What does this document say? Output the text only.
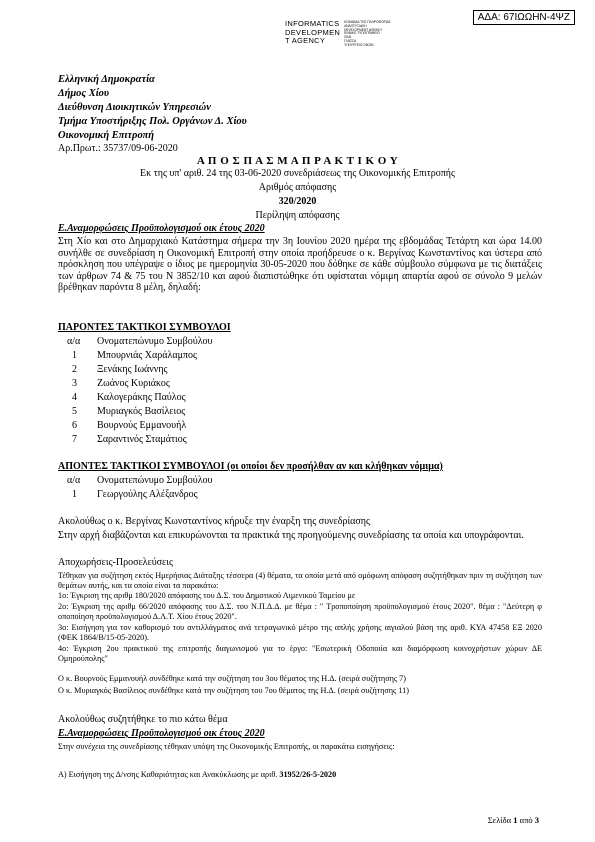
ΑΔΑ: 67ΙΩΩΗΝ-4ΨΖ
INFORMATICS
DEVELOPMEN
T AGENCY
ΚΟΙΝΩΝΙΑ ΤΗΣ ΠΛΗΡΟΦΟΡΙΑΣ
ΑΝΑΠΤΥΞΙΑΚΗ
DEVELOPMENT AGENCY
ΕΘΝΙΚΟ ΤΥΠΟΓΡΑΦΕΙΟ
ΣΚΑΙ
ΓΛΩΣΣΑ
ΥΠΟΥΡΓΕΙΟ ΟΙΚΟΝ.
Ελληνική Δημοκρατία
Δήμος Χίου
Διεύθυνση Διοικητικών Υπηρεσιών
Τμήμα Υποστήριξης Πολ. Οργάνων Δ. Χίου
Οικονομική Επιτροπή
Αρ.Πρωτ.: 35737/09-06-2020
Α Π Ο Σ Π Α Σ Μ Α Π Ρ Α Κ Τ Ι Κ Ο Υ
Εκ της υπ' αριθ. 24 της 03-06-2020 συνεδριάσεως της Οικονομικής Επιτροπής
Αριθμός απόφασης
320/2020
Περίληψη απόφασης
Ε.Αναμορφώσεις Προϋπολογισμού οικ έτους 2020
Στη Χίο και στο Δημαρχιακό Κατάστημα σήμερα την 3η Ιουνίου 2020 ημέρα της εβδομάδας Τετάρτη και ώρα 14.00 συνήλθε σε συνεδρίαση η Οικονομική Επιτροπή στην οποία προήδρευσε ο κ. Βεργίνας Κωνσταντίνος και ύστερα από πρόσκληση που υπέγραψε ο ίδιος με ημερομηνία 30-05-2020 που δόθηκε σε κάθε σύμβουλο σύμφωνα με τις διατάξεις των άρθρων 74 & 75 του Ν 3852/10 και αφού διαπιστώθηκε ότι υφίσταται νόμιμη απαρτία αφού σε σύνολο 9 μελών βρέθηκαν παρόντα 8 μέλη, δηλαδή:
ΠΑΡΟΝΤΕΣ ΤΑΚΤΙΚΟΙ ΣΥΜΒΟΥΛΟΙ
α/α Ονοματεπώνυμο Συμβούλου
1 Μπουρνιάς Χαράλαμπος
2 Ξενάκης Ιωάννης
3 Ζωάνος Κυριάκος
4 Καλογεράκης Παύλος
5 Μυριαγκός Βασίλειος
6 Βουρνούς Εμμανουήλ
7 Σαραντινός Σταμάτιος
ΑΠΟΝΤΕΣ ΤΑΚΤΙΚΟΙ ΣΥΜΒΟΥΛΟΙ (οι οποίοι δεν προσήλθαν αν και κλήθηκαν νόμιμα)
α/α Ονοματεπώνυμο Συμβούλου
1 Γεωργούλης Αλέξανδρος
Ακολούθως ο κ. Βεργίνας Κωνσταντίνος κήρυξε την έναρξη της συνεδρίασης
Στην αρχή διαβάζονται και επικυρώνονται τα πρακτικά της προηγούμενης συνεδρίασης τα οποία και υπογράφονται.
Αποχωρήσεις-Προσελεύσεις
Τέθηκαν για συζήτηση εκτός Ημερήσιας Διάταξης τέσσερα (4) θέματα, τα οποία μετά από ομόφωνη απόφαση συζητήθηκαν πριν τη συζήτηση των θεμάτων αυτής, και τα οποία είναι τα παρακάτω:
1ο: Έγκριση της αριθμ 180/2020 απόφασης του Δ.Σ. του Δημοτικού Λιμενικού Ταμείου με
2ο: Έγκριση της αριθμ 66/2020 απόφασης του Δ.Σ. του Ν.Π.Δ.Δ. με θέμα : " Τροποποίηση προϋπολογισμού έτους 2020". θέμα : "Δεύτερη φ οποποίηση προϋπολογισμού Δ.Λ.Τ. Χίου έτους 2020".
3ο: Εισήγηση για τον καθορισμό του αντιλλάγματος ανά τετραγωνικό μέτρο της απλής χρήσης αιγιαλού βάση της αριθ. ΚΥΑ 47458 ΕΞ 2020 (ΦΕΚ 1864/Β/15-05-2020).
4ο: Έγκριση 2ου πρακτικού της επιτροπής διαγωνισμού για το έργο: "Εσωτερική Οδοποιία και διαμόρφωση κοινοχρήστων χώρων ΔΕ Ομηρούπολης"
Ο κ. Βουρνούς Εμμανουήλ συνδέθηκε κατά την συζήτηση του 3ου θέματος της Η.Δ. (σειρά συζήτησης 7)
Ο κ. Μυριαγκός Βασίλειος συνδέθηκε κατά την συζήτηση του 7ου θέματος της Η.Δ. (σειρά συζήτησης 11)
Ακολούθως συζητήθηκε το πιο κάτω θέμα
Ε.Αναμορφώσεις Προϋπολογισμού οικ έτους 2020
Στην συνέχεια της συνεδρίασης τέθηκαν υπόψη της Οικονομικής Επιτροπής, οι παρακάτω εισηγήσεις:
Α) Εισήγηση της Δ/νσης Καθαριότητας και Ανακύκλωσης με αριθ. 31952/26-5-2020
Σελίδα 1 από 3
